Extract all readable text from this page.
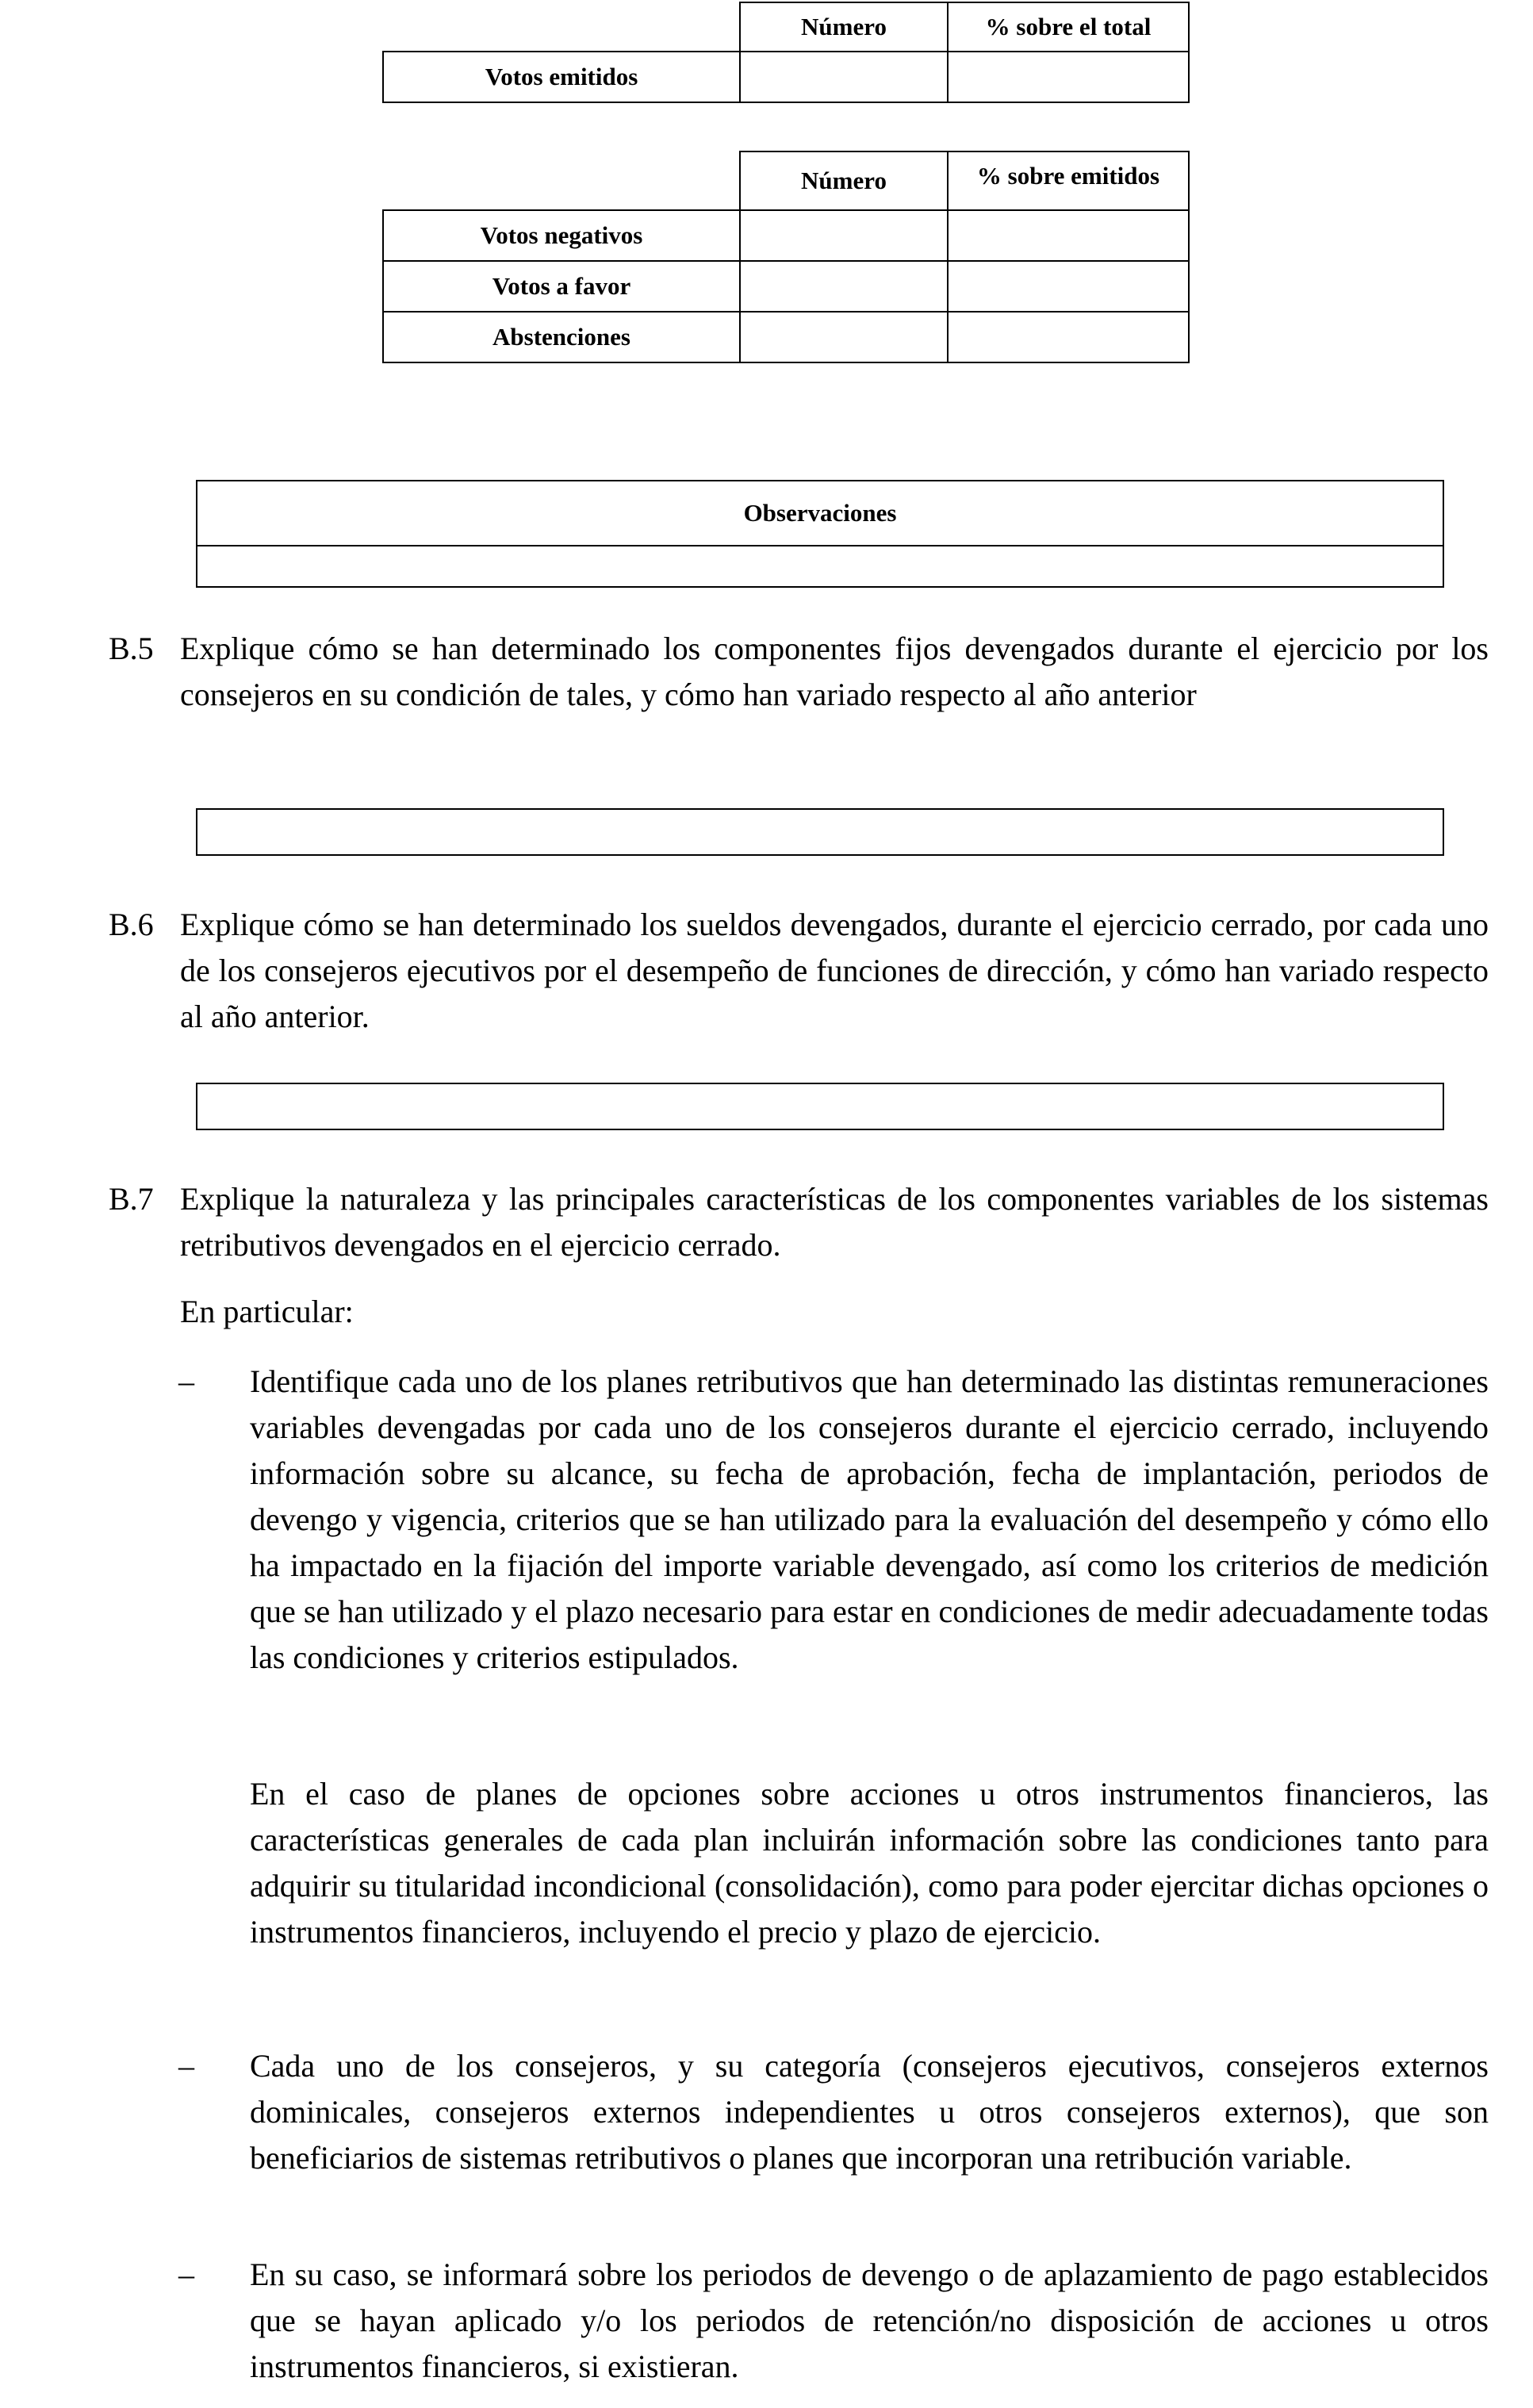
	Número	% sobre el total
Votos emitidos		
	Número	% sobre emitidos
Votos negativos		
Votos a favor		
Abstenciones		
Observaciones
B.5 Explique cómo se han determinado los componentes fijos devengados durante el ejercicio por los consejeros en su condición de tales, y cómo han variado respecto al año anterior
B.6 Explique cómo se han determinado los sueldos devengados, durante el ejercicio cerrado, por cada uno de los consejeros ejecutivos por el desempeño de funciones de dirección, y cómo han variado respecto al año anterior.
B.7 Explique la naturaleza y las principales características de los componentes variables de los sistemas retributivos devengados en el ejercicio cerrado.
En particular:
– Identifique cada uno de los planes retributivos que han determinado las distintas remuneraciones variables devengadas por cada uno de los consejeros durante el ejercicio cerrado, incluyendo información sobre su alcance, su fecha de aprobación, fecha de implantación, periodos de devengo y vigencia, criterios que se han utilizado para la evaluación del desempeño y cómo ello ha impactado en la fijación del importe variable devengado, así como los criterios de medición que se han utilizado y el plazo necesario para estar en condiciones de medir adecuadamente todas las condiciones y criterios estipulados.
En el caso de planes de opciones sobre acciones u otros instrumentos financieros, las características generales de cada plan incluirán información sobre las condiciones tanto para adquirir su titularidad incondicional (consolidación), como para poder ejercitar dichas opciones o instrumentos financieros, incluyendo el precio y plazo de ejercicio.
– Cada uno de los consejeros, y su categoría (consejeros ejecutivos, consejeros externos dominicales, consejeros externos independientes u otros consejeros externos), que son beneficiarios de sistemas retributivos o planes que incorporan una retribución variable.
– En su caso, se informará sobre los periodos de devengo o de aplazamiento de pago establecidos que se hayan aplicado y/o los periodos de retención/no disposición de acciones u otros instrumentos financieros, si existieran.
